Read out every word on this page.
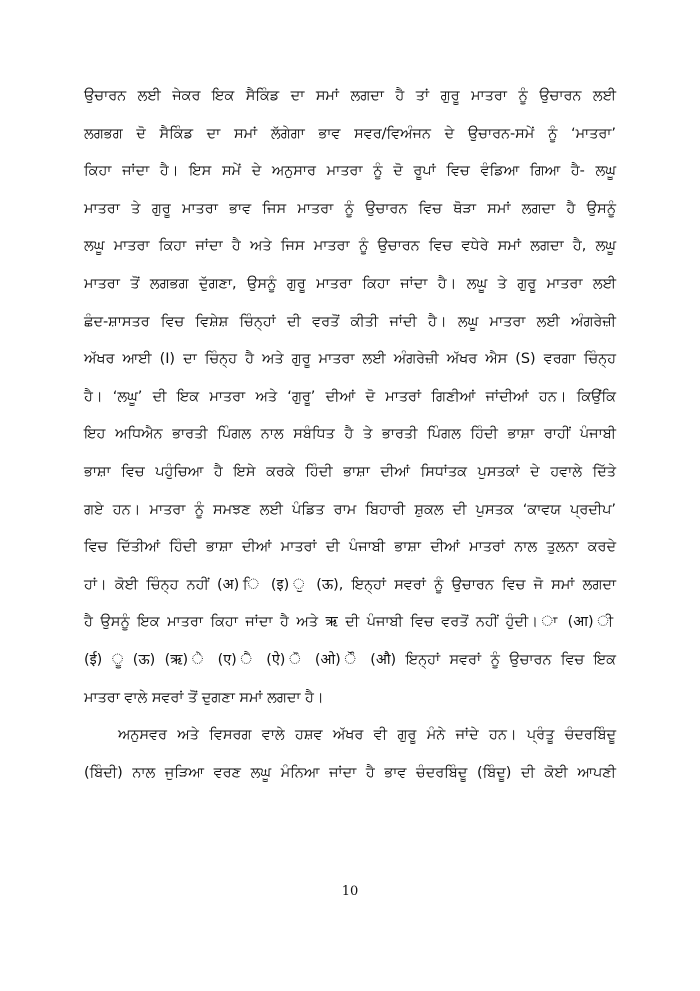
ਉਚਾਰਨ ਲਈ ਜੇਕਰ ਇਕ ਸੈਕਿੰਡ ਦਾ ਸਮਾਂ ਲਗਦਾ ਹੈ ਤਾਂ ਗੁਰੂ ਮਾਤਰਾ ਨੂੰ ਉਚਾਰਨ ਲਈ
ਲਗਭਗ ਦੋ ਸੈਕਿੰਡ ਦਾ ਸਮਾਂ ਲੱਗੇਗਾ ਭਾਵ ਸਵਰ/ਵਿਅੰਜਨ ਦੇ ਉਚਾਰਨ-ਸਮੇਂ ਨੂੰ ‘ਮਾਤਰਾ’
ਕਿਹਾ ਜਾਂਦਾ ਹੈ। ਇਸ ਸਮੇਂ ਦੇ ਅਨੁਸਾਰ ਮਾਤਰਾ ਨੂੰ ਦੋ ਰੂਪਾਂ ਵਿਚ ਵੰਡਿਆ ਗਿਆ ਹੈ- ਲਘੂ
ਮਾਤਰਾ ਤੇ ਗੁਰੂ ਮਾਤਰਾ ਭਾਵ ਜਿਸ ਮਾਤਰਾ ਨੂੰ ਉਚਾਰਨ ਵਿਚ ਥੋੜਾ ਸਮਾਂ ਲਗਦਾ ਹੈ ਉਸਨੂੰ
ਲਘੂ ਮਾਤਰਾ ਕਿਹਾ ਜਾਂਦਾ ਹੈ ਅਤੇ ਜਿਸ ਮਾਤਰਾ ਨੂੰ ਉਚਾਰਨ ਵਿਚ ਵਧੇਰੇ ਸਮਾਂ ਲਗਦਾ ਹੈ, ਲਘੂ
ਮਾਤਰਾ ਤੋਂ ਲਗਭਗ ਦੁੱਗਣਾ, ਉਸਨੂੰ ਗੁਰੂ ਮਾਤਰਾ ਕਿਹਾ ਜਾਂਦਾ ਹੈ। ਲਘੂ ਤੇ ਗੁਰੂ ਮਾਤਰਾ ਲਈ
ਛੰਦ-ਸ਼ਾਸਤਰ ਵਿਚ ਵਿਸ਼ੇਸ਼ ਚਿੰਨ੍ਹਾਂ ਦੀ ਵਰਤੋਂ ਕੀਤੀ ਜਾਂਦੀ ਹੈ। ਲਘੂ ਮਾਤਰਾ ਲਈ ਅੰਗਰੇਜ਼ੀ
ਅੱਖਰ ਆਈ (I) ਦਾ ਚਿੰਨ੍ਹ ਹੈ ਅਤੇ ਗੁਰੂ ਮਾਤਰਾ ਲਈ ਅੰਗਰੇਜ਼ੀ ਅੱਖਰ ਐਸ (S) ਵਰਗਾ ਚਿੰਨ੍ਹ
ਹੈ। ‘ਲਘੂ’ ਦੀ ਇਕ ਮਾਤਰਾ ਅਤੇ ‘ਗੁਰੂ’ ਦੀਆਂ ਦੋ ਮਾਤਰਾਂ ਗਿਣੀਆਂ ਜਾਂਦੀਆਂ ਹਨ। ਕਿਉਂਕਿ
ਇਹ ਅਧਿਐਨ ਭਾਰਤੀ ਪਿੰਗਲ ਨਾਲ ਸਬੰਧਿਤ ਹੈ ਤੇ ਭਾਰਤੀ ਪਿੰਗਲ ਹਿੰਦੀ ਭਾਸ਼ਾ ਰਾਹੀਂ ਪੰਜਾਬੀ
ਭਾਸ਼ਾ ਵਿਚ ਪਹੁੰਚਿਆ ਹੈ ਇਸੇ ਕਰਕੇ ਹਿੰਦੀ ਭਾਸ਼ਾ ਦੀਆਂ ਸਿਧਾਂਤਕ ਪੁਸਤਕਾਂ ਦੇ ਹਵਾਲੇ ਦਿੱਤੇ
ਗਏ ਹਨ। ਮਾਤਰਾ ਨੂੰ ਸਮਝਣ ਲਈ ਪੰਡਿਤ ਰਾਮ ਬਿਹਾਰੀ ਸ਼ੁਕਲ ਦੀ ਪੁਸਤਕ ‘ਕਾਵਯ ਪ੍ਰਦੀਪ’
ਵਿਚ ਦਿੱਤੀਆਂ ਹਿੰਦੀ ਭਾਸ਼ਾ ਦੀਆਂ ਮਾਤਰਾਂ ਦੀ ਪੰਜਾਬੀ ਭਾਸ਼ਾ ਦੀਆਂ ਮਾਤਰਾਂ ਨਾਲ ਤੁਲਨਾ ਕਰਦੇ
ਹਾਂ। ਕੋਈ ਚਿੰਨ੍ਹ ਨਹੀਂ (अ) ਿ (इ) ੁ (ऊ), ਇਨ੍ਹਾਂ ਸਵਰਾਂ ਨੂੰ ਉਚਾਰਨ ਵਿਚ ਜੋ ਸਮਾਂ ਲਗਦਾ
ਹੈ ਉਸਨੂੰ ਇਕ ਮਾਤਰਾ ਕਿਹਾ ਜਾਂਦਾ ਹੈ ਅਤੇ ऋ ਦੀ ਪੰਜਾਬੀ ਵਿਚ ਵਰਤੋਂ ਨਹੀਂ ਹੁੰਦੀ। ਾ (आ) ੀ
(ई) ੂ (ऊ) (ऋ) ੇ (ए) ੈ (ऐ) ੋ (ओ) ੌ (औ) ਇਨ੍ਹਾਂ ਸਵਰਾਂ ਨੂੰ ਉਚਾਰਨ ਵਿਚ ਇਕ
ਮਾਤਰਾ ਵਾਲੇ ਸਵਰਾਂ ਤੋਂ ਦੁਗਣਾ ਸਮਾਂ ਲਗਦਾ ਹੈ।
ਅਨੁਸਵਰ ਅਤੇ ਵਿਸਰਗ ਵਾਲੇ ਹਸ਼ਵ ਅੱਖਰ ਵੀ ਗੁਰੂ ਮੰਨੇ ਜਾਂਦੇ ਹਨ। ਪ੍ਰੰਤੂ ਚੰਦਰਬਿੰਦੂ
(ਬਿੰਦੀ) ਨਾਲ ਜੁੜਿਆ ਵਰਣ ਲਘੂ ਮੰਨਿਆ ਜਾਂਦਾ ਹੈ ਭਾਵ ਚੰਦਰਬਿੰਦੂ (ਬਿੰਦੂ) ਦੀ ਕੋਈ ਆਪਣੀ
10
